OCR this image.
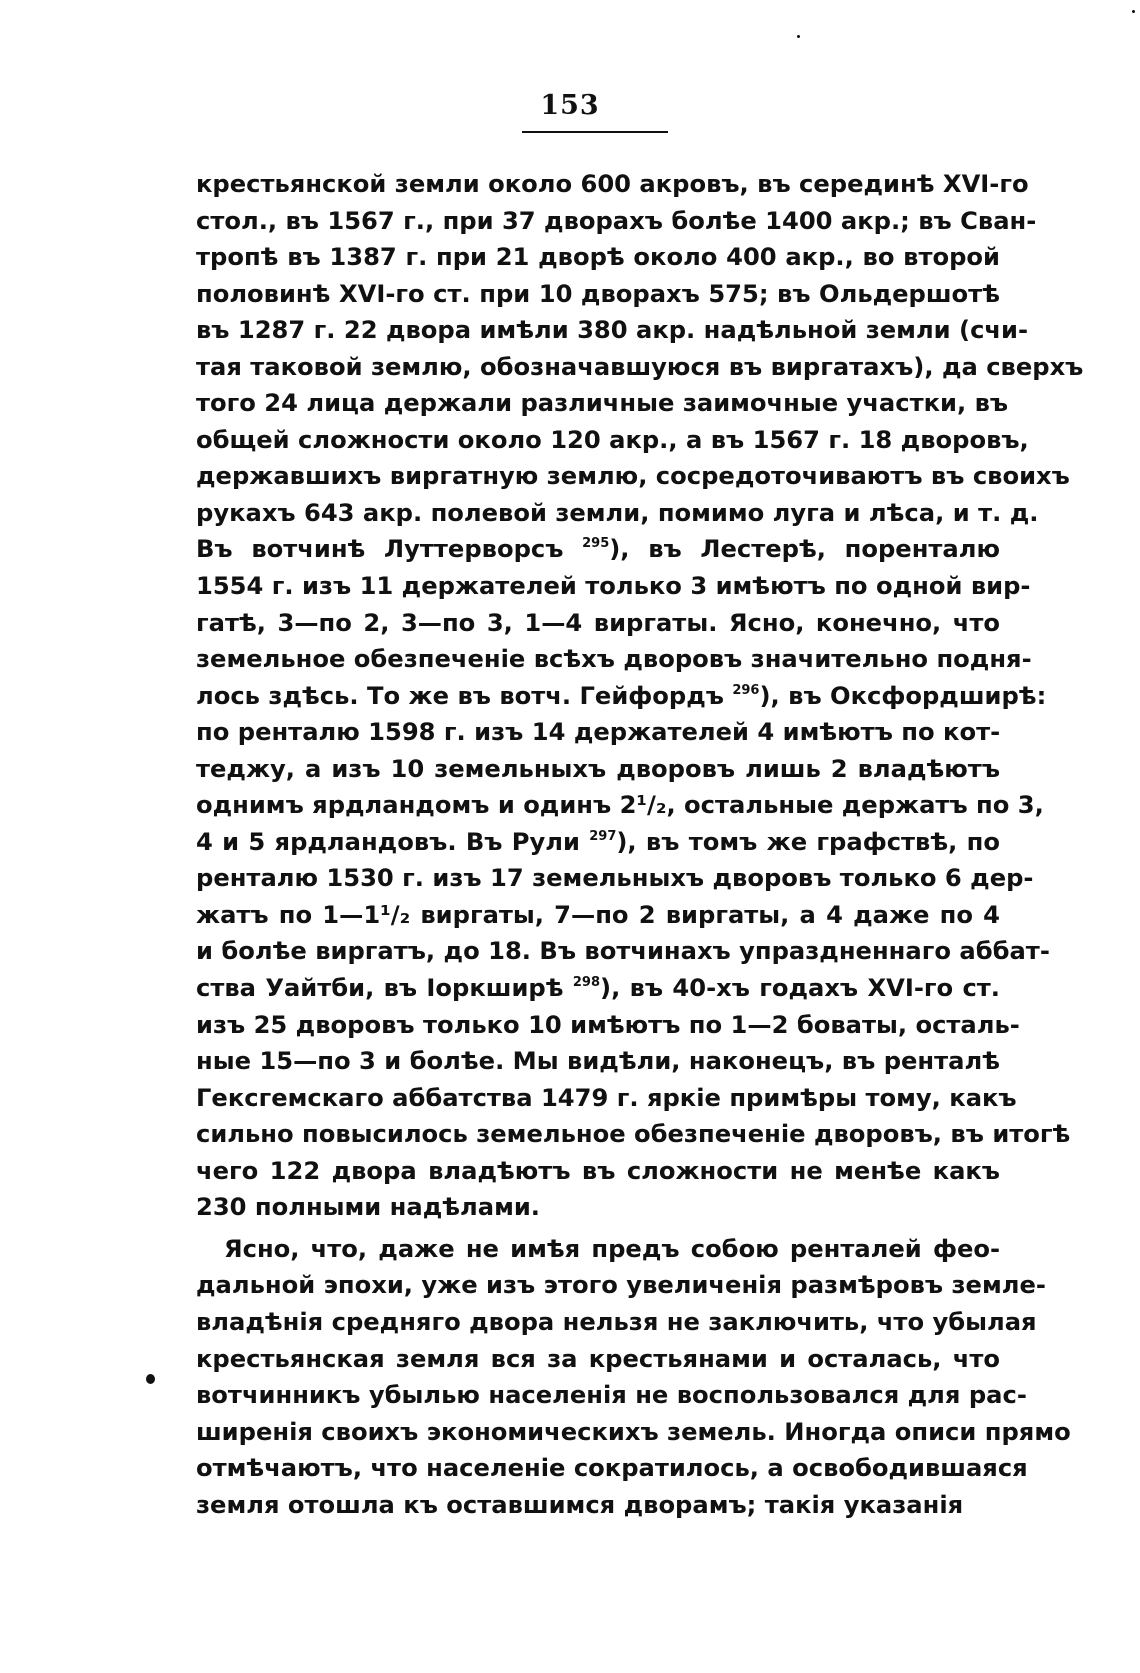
153
крестьянской земли около 600 акровъ, въ серединѣ XVI-го
стол., въ 1567 г., при 37 дворахъ болѣе 1400 акр.; въ Сван-
тропѣ въ 1387 г. при 21 дворѣ около 400 акр., во второй
половинѣ XVI-го ст. при 10 дворахъ 575; въ Ольдершотѣ
въ 1287 г. 22 двора имѣли 380 акр. надѣльной земли (счи-
тая таковой землю, обозначавшуюся въ виргатахъ), да сверхъ
того 24 лица держали различные заимочные участки, въ
общей сложности около 120 акр., а въ 1567 г. 18 дворовъ,
державшихъ виргатную землю, сосредоточиваютъ въ своихъ
рукахъ 643 акр. полевой земли, помимо луга и лѣса, и т. д.
Въ вотчинѣ Луттерворсъ $^{295}$), въ Лестерѣ, поренталю
1554 г. изъ 11 держателей только 3 имѣютъ по одной вир-
гатѣ, 3—по 2, 3—по 3, 1—4 виргаты. Ясно, конечно, что
земельное обезпеченіе всѣхъ дворовъ значительно подня-
лось здѣсь. То же въ вотч. Гейфордъ $^{296}$), въ Оксфордширѣ:
по ренталю 1598 г. изъ 14 держателей 4 имѣютъ по кот-
теджу, а изъ 10 земельныхъ дворовъ лишь 2 владѣютъ
однимъ ярдландомъ и одинъ 2¹/₂, остальные держатъ по 3,
4 и 5 ярдландовъ. Въ Рули $^{297}$), въ томъ же графствѣ, по
ренталю 1530 г. изъ 17 земельныхъ дворовъ только 6 дер-
жатъ по 1—1¹/₂ виргаты, 7—по 2 виргаты, а 4 даже по 4
и болѣе виргатъ, до 18. Въ вотчинахъ упраздненнаго аббат-
ства Уайтби, въ Іоркширѣ $^{298}$), въ 40-хъ годахъ XVI-го ст.
изъ 25 дворовъ только 10 имѣютъ по 1—2 боваты, осталь-
ные 15—по 3 и болѣе. Мы видѣли, наконецъ, въ ренталѣ
Гексгемскаго аббатства 1479 г. яркіе примѣры тому, какъ
сильно повысилось земельное обезпеченіе дворовъ, въ итогѣ
чего 122 двора владѣютъ въ сложности не менѣе какъ
230 полными надѣлами.
Ясно, что, даже не имѣя предъ собою ренталей фео-
дальной эпохи, уже изъ этого увеличенія размѣровъ земле-
владѣнія средняго двора нельзя не заключить, что убылая
крестьянская земля вся за крестьянами и осталась, что
вотчинникъ убылью населенія не воспользовался для рас-
ширенія своихъ экономическихъ земель. Иногда описи прямо
отмѣчаютъ, что населеніе сократилось, а освободившаяся
земля отошла къ оставшимся дворамъ; такія указанія
